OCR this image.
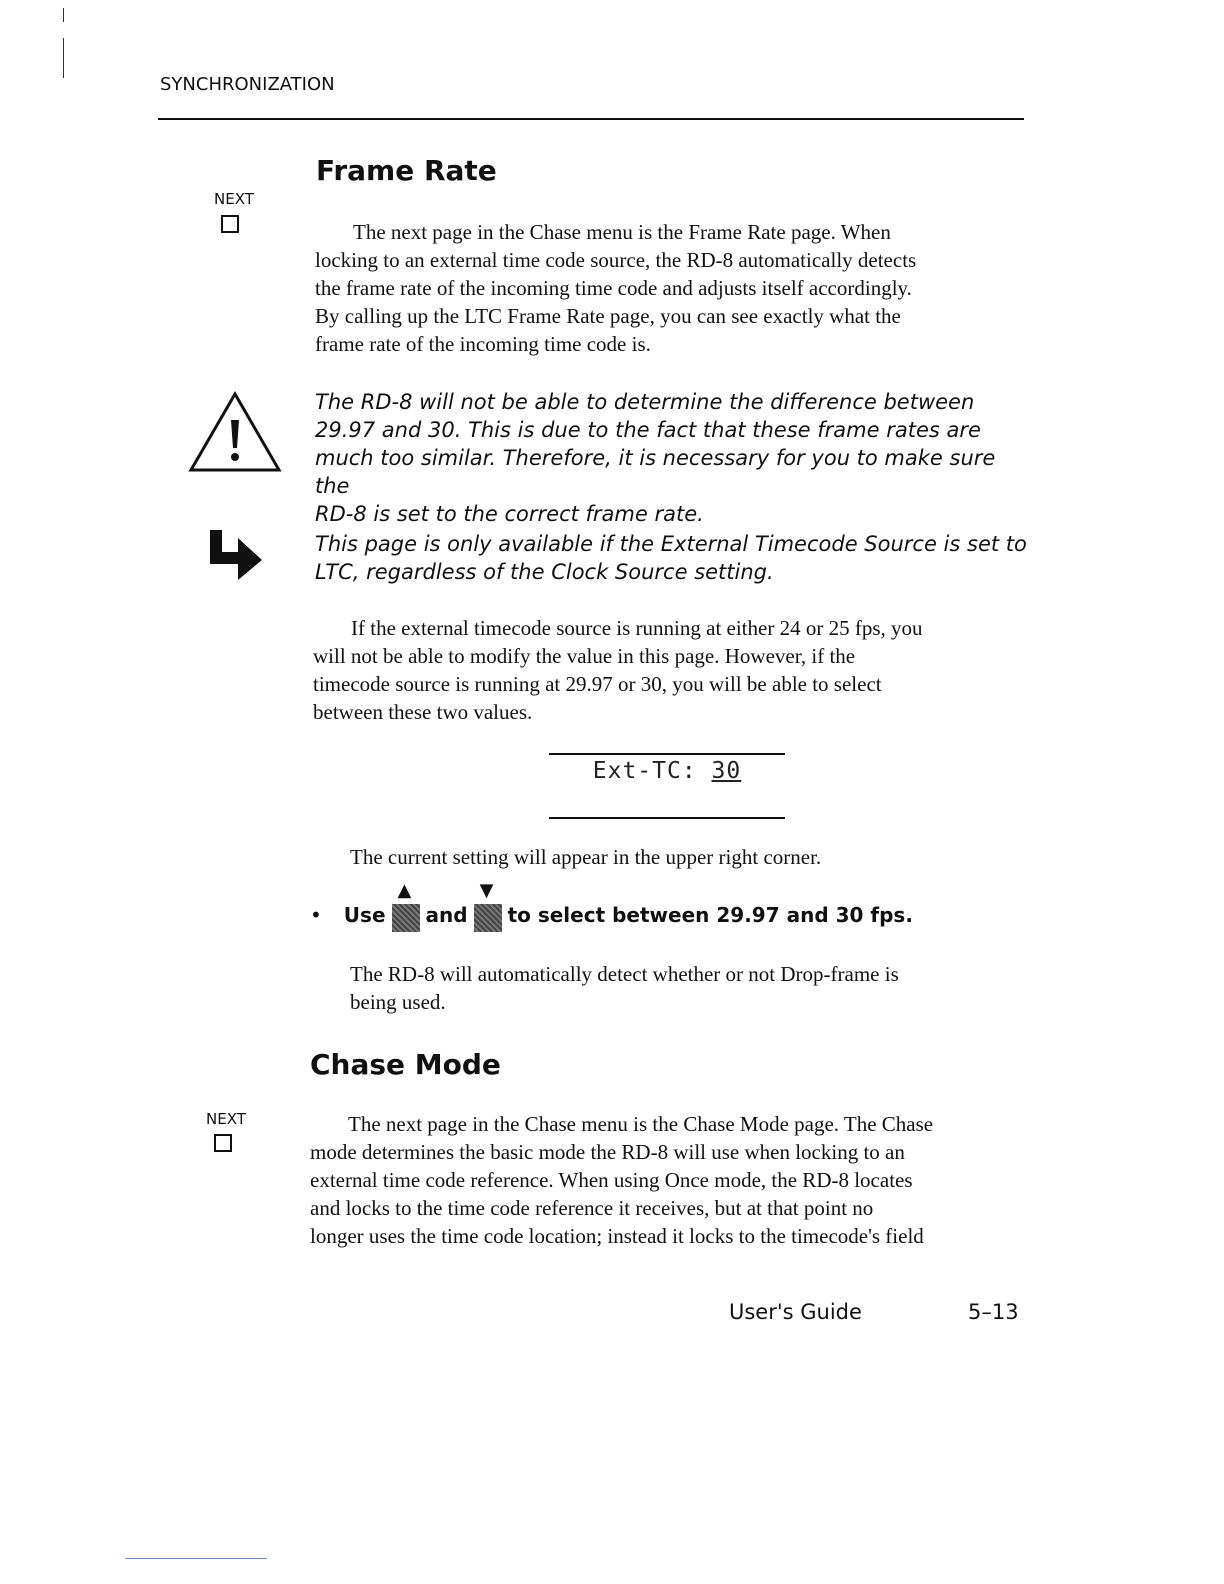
SYNCHRONIZATION
Frame Rate
NEXT
The next page in the Chase menu is the Frame Rate page. When
locking to an external time code source, the RD-8 automatically detects
the frame rate of the incoming time code and adjusts itself accordingly.
By calling up the LTC Frame Rate page, you can see exactly what the
frame rate of the incoming time code is.
The RD-8 will not be able to determine the difference between
29.97 and 30. This is due to the fact that these frame rates are
much too similar. Therefore, it is necessary for you to make sure the
RD-8 is set to the correct frame rate.
This page is only available if the External Timecode Source is set to
LTC, regardless of the Clock Source setting.
If the external timecode source is running at either 24 or 25 fps, you
will not be able to modify the value in this page. However, if the
timecode source is running at 29.97 or 30, you will be able to select
between these two values.
Ext-TC: 30
The current setting will appear in the upper right corner.
• Use
▲
and
▼
to select between 29.97 and 30 fps.
The RD-8 will automatically detect whether or not Drop-frame is
being used.
Chase Mode
NEXT	The next page in the Chase menu is the Chase Mode page. The Chase
mode determines the basic mode the RD-8 will use when locking to an
external time code reference. When using Once mode, the RD-8 locates
and locks to the time code reference it receives, but at that point no
longer uses the time code location; instead it locks to the timecode's field
User's Guide	5–13
